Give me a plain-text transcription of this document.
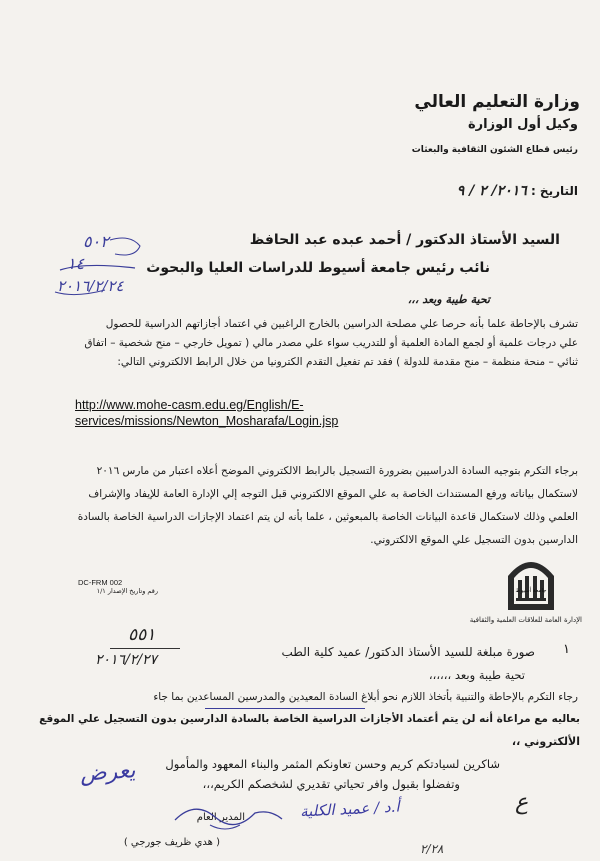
وزارة التعليم العالي
وكيل أول الوزارة
رئيس قطاع الشئون الثقافية والبعثات
التاريخ : ٢٠١٦/ ٢ / ٩
٥٠٢
١٤
٢٠١٦/٢/٢٤
السيد الأستاذ الدكتور / أحمد عبده عبد الحافظ
نائب رئيس جامعة أسيوط للدراسات العليا والبحوث
تحية طيبة وبعد ،،،
تشرف بالإحاطة علما بأنه حرصا علي مصلحة الدراسين بالخارج الراغبين في اعتماد أجازاتهم الدراسية للحصول
علي درجات علمية أو لجمع المادة العلمية أو للتدريب سواء علي مصدر مالي ( تمويل خارجي – منح شخصية – اتفاق
ثنائي – منحة منظمة – منح مقدمة للدولة ) فقد تم تفعيل التقدم الكترونيا من خلال الرابط الالكتروني التالي:
http://www.mohe-casm.edu.eg/English/E-
services/missions/Newton_Mosharafa/Login.jsp
برجاء التكرم بتوجيه السادة الدراسيين بضرورة التسجيل بالرابط الالكتروني الموضح أعلاه اعتبار من مارس ٢٠١٦
لاستكمال بياناته ورفع المستندات الخاصة به علي الموقع الالكتروني قبل التوجه إلي الإدارة العامة للإيفاد والإشراف
العلمي وذلك لاستكمال قاعدة البيانات الخاصة بالمبعوثين ، علما بأنه لن يتم اعتماد الإجازات الدراسية الخاصة بالسادة
الدارسين بدون التسجيل علي الموقع الالكتروني.
DC-FRM 002
رقم وتاريخ الإصدار ١/١	جامعة أسيوط
الإدارة العامة للعلاقات العلمية والثقافية
٥٥١
٢٠١٦/٢/٢٧
١
صورة مبلغة للسيد الأستاذ الدكتور/ عميد كلية الطب
تحية طيبة وبعد ،،،،،،
رجاء التكرم بالإحاطة والتنبية بأتخاذ اللازم نحو أبلاغ السادة المعيدين والمدرسين المساعدين بما جاء
بعاليه مع مراعاة أنه لن يتم أعتماد الأجازات الدراسية الخاصة بالسادة الدارسين بدون التسجيل علي الموقع
الألكتروني ،،
شاكرين لسيادتكم كريم وحسن تعاونكم المثمر والبناء المعهود والمأمول
وتفضلوا بقبول وافر تحياتي تقديري لشخصكم الكريم،،،
يعرض
أ.د / عميد الكلية	ع
٢/٢٨
المدير العام
( هدي ظريف جورجي )
